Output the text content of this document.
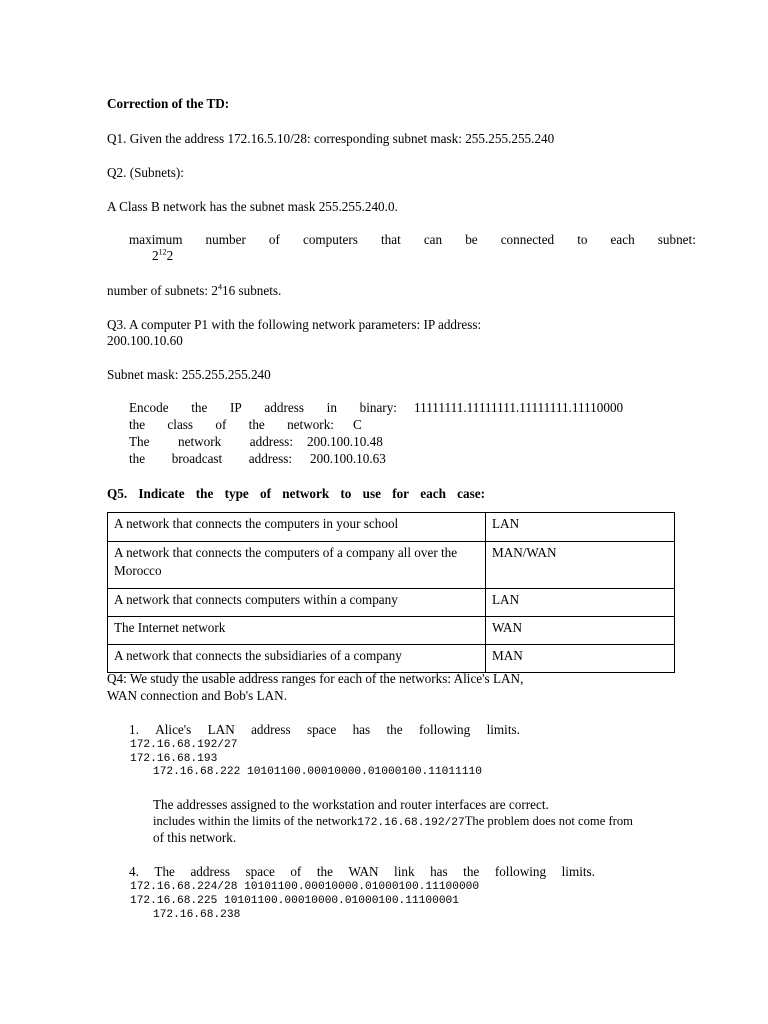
Correction of the TD:
Q1. Given the address 172.16.5.10/28: corresponding subnet mask: 255.255.255.240
Q2. (Subnets):
A Class B network has the subnet mask 255.255.240.0.
maximum number of computers that can be connected to each subnet:
$2^{12}2$
number of subnets: $2^416$ subnets.
Q3. A computer P1 with the following network parameters: IP address:
200.100.10.60
Subnet mask: 255.255.255.240
Encode the IP address in binary: 11111111.11111111.11111111.11110000
the class of the network: C
The network address: 200.100.10.48
the broadcast address: 200.100.10.63
Q5. Indicate the type of network to use for each case:
A network that connects the computers in your school	LAN

A network that connects the computers of a company all over the
Morocco	MAN/WAN
A network that connects computers within a company	LAN
The Internet network	WAN
A network that connects the subsidiaries of a company	MAN
Q4: We study the usable address ranges for each of the networks: Alice's LAN,
WAN connection and Bob's LAN.
1. Alice's LAN address space has the following limits.
172.16.68.192/27
172.16.68.193
172.16.68.222 10101100.00010000.01000100.11011110
The addresses assigned to the workstation and router interfaces are correct.
includes within the limits of the network172.16.68.192/27The problem does not come from
of this network.
4. The address space of the WAN link has the following limits.
172.16.68.224/28 10101100.00010000.01000100.11100000
172.16.68.225 10101100.00010000.01000100.11100001
172.16.68.238
